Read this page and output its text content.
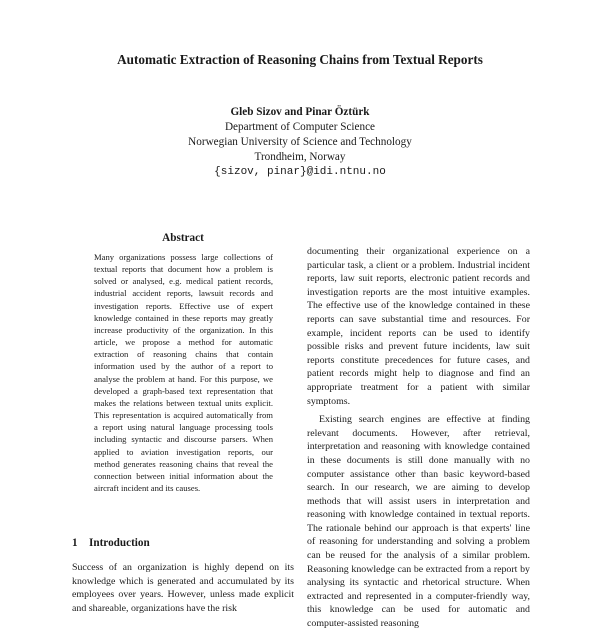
Automatic Extraction of Reasoning Chains from Textual Reports
Gleb Sizov and Pinar Öztürk
Department of Computer Science
Norwegian University of Science and Technology
Trondheim, Norway
{sizov, pinar}@idi.ntnu.no
Abstract
Many organizations possess large collections of textual reports that document how a problem is solved or analysed, e.g. medical patient records, industrial accident reports, lawsuit records and investigation reports. Effective use of expert knowledge contained in these reports may greatly increase productivity of the organization. In this article, we propose a method for automatic extraction of reasoning chains that contain information used by the author of a report to analyse the problem at hand. For this purpose, we developed a graph-based text representation that makes the relations between textual units explicit. This representation is acquired automatically from a report using natural language processing tools including syntactic and discourse parsers. When applied to aviation investigation reports, our method generates reasoning chains that reveal the connection between initial information about the aircraft incident and its causes.
1 Introduction
Success of an organization is highly depend on its knowledge which is generated and accumulated by its employees over years. However, unless made explicit and shareable, organizations have the risk

documenting their organizational experience on a particular task, a client or a problem. Industrial incident reports, law suit reports, electronic patient records and investigation reports are the most intuitive examples. The effective use of the knowledge contained in these reports can save substantial time and resources. For example, incident reports can be used to identify possible risks and prevent future incidents, law suit reports constitute precedences for future cases, and patient records might help to diagnose and find an appropriate treatment for a patient with similar symptoms.

Existing search engines are effective at finding relevant documents. However, after retrieval, interpretation and reasoning with knowledge contained in these documents is still done manually with no computer assistance other than basic keyword-based search. In our research, we are aiming to develop methods that will assist users in interpretation and reasoning with knowledge contained in textual reports. The rationale behind our approach is that experts' line of reasoning for understanding and solving a problem can be reused for the analysis of a similar problem. Reasoning knowledge can be extracted from a report by analysing its syntactic and rhetorical structure. When extracted and represented in a computer-friendly way, this knowledge can be used for automatic and computer-assisted reasoning
